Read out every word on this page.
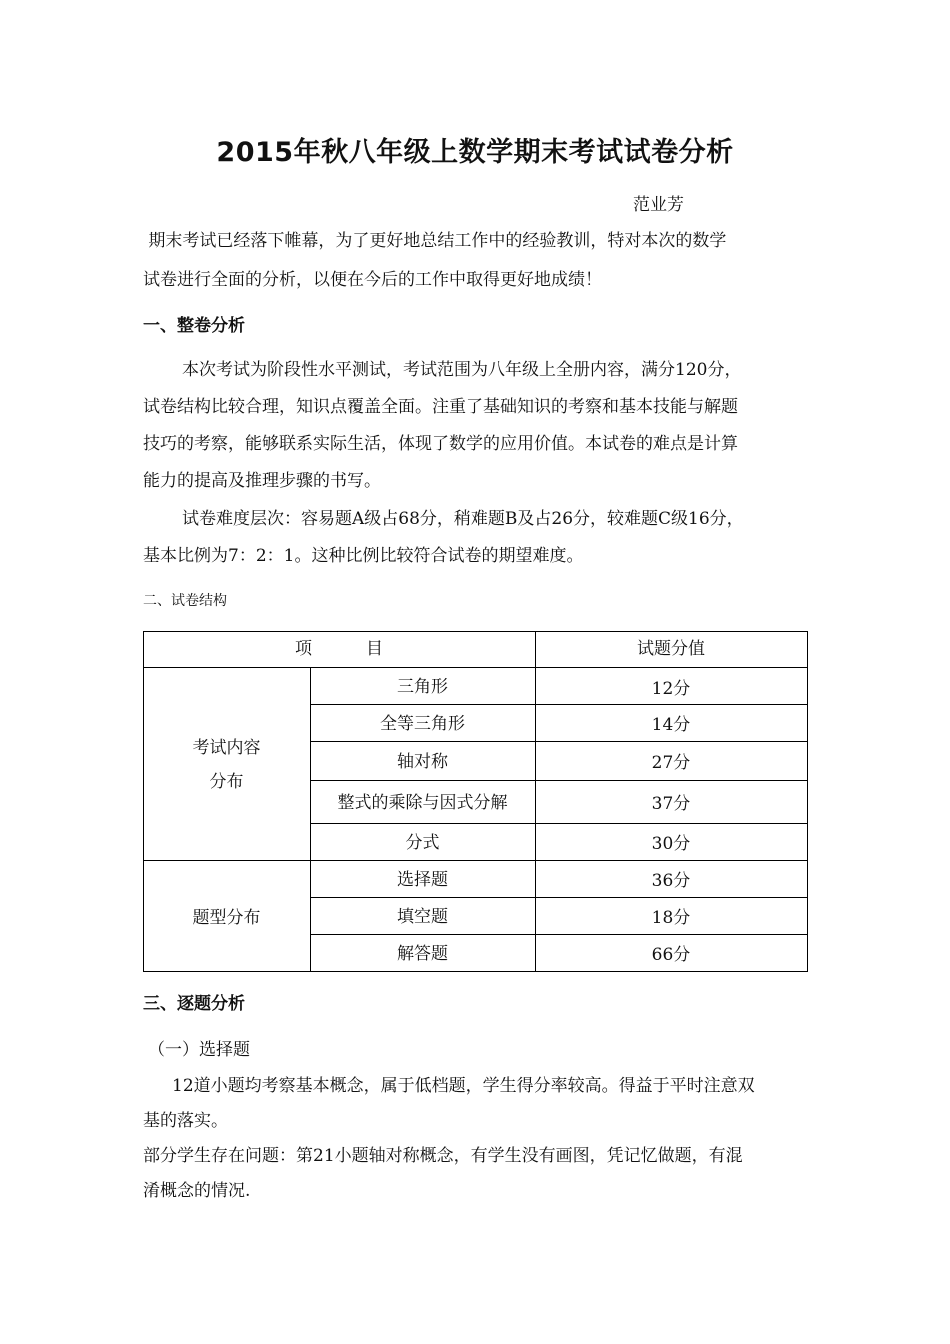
2015年秋八年级上数学期末考试试卷分析
范业芳
期末考试已经落下帷幕，为了更好地总结工作中的经验教训，特对本次的数学
试卷进行全面的分析，以便在今后的工作中取得更好地成绩！
一、整卷分析
本次考试为阶段性水平测试，考试范围为八年级上全册内容，满分120分，
试卷结构比较合理，知识点覆盖全面。注重了基础知识的考察和基本技能与解题
技巧的考察，能够联系实际生活，体现了数学的应用价值。本试卷的难点是计算
能力的提高及推理步骤的书写。
试卷难度层次：容易题A级占68分，稍难题B及占26分，较难题C级16分，
基本比例为7：2：1。这种比例比较符合试卷的期望难度。
二、试卷结构
项          目	试题分值
考试内容
分布
三角形	12分
全等三角形	14分
轴对称	27分
整式的乘除与因式分解	37分
分式	30分
题型分布
选择题	36分
填空题	18分
解答题	66分
三、逐题分析
（一）选择题
12道小题均考察基本概念，属于低档题，学生得分率较高。得益于平时注意双
基的落实。
部分学生存在问题：第21小题轴对称概念，有学生没有画图，凭记忆做题，有混
淆概念的情况.
